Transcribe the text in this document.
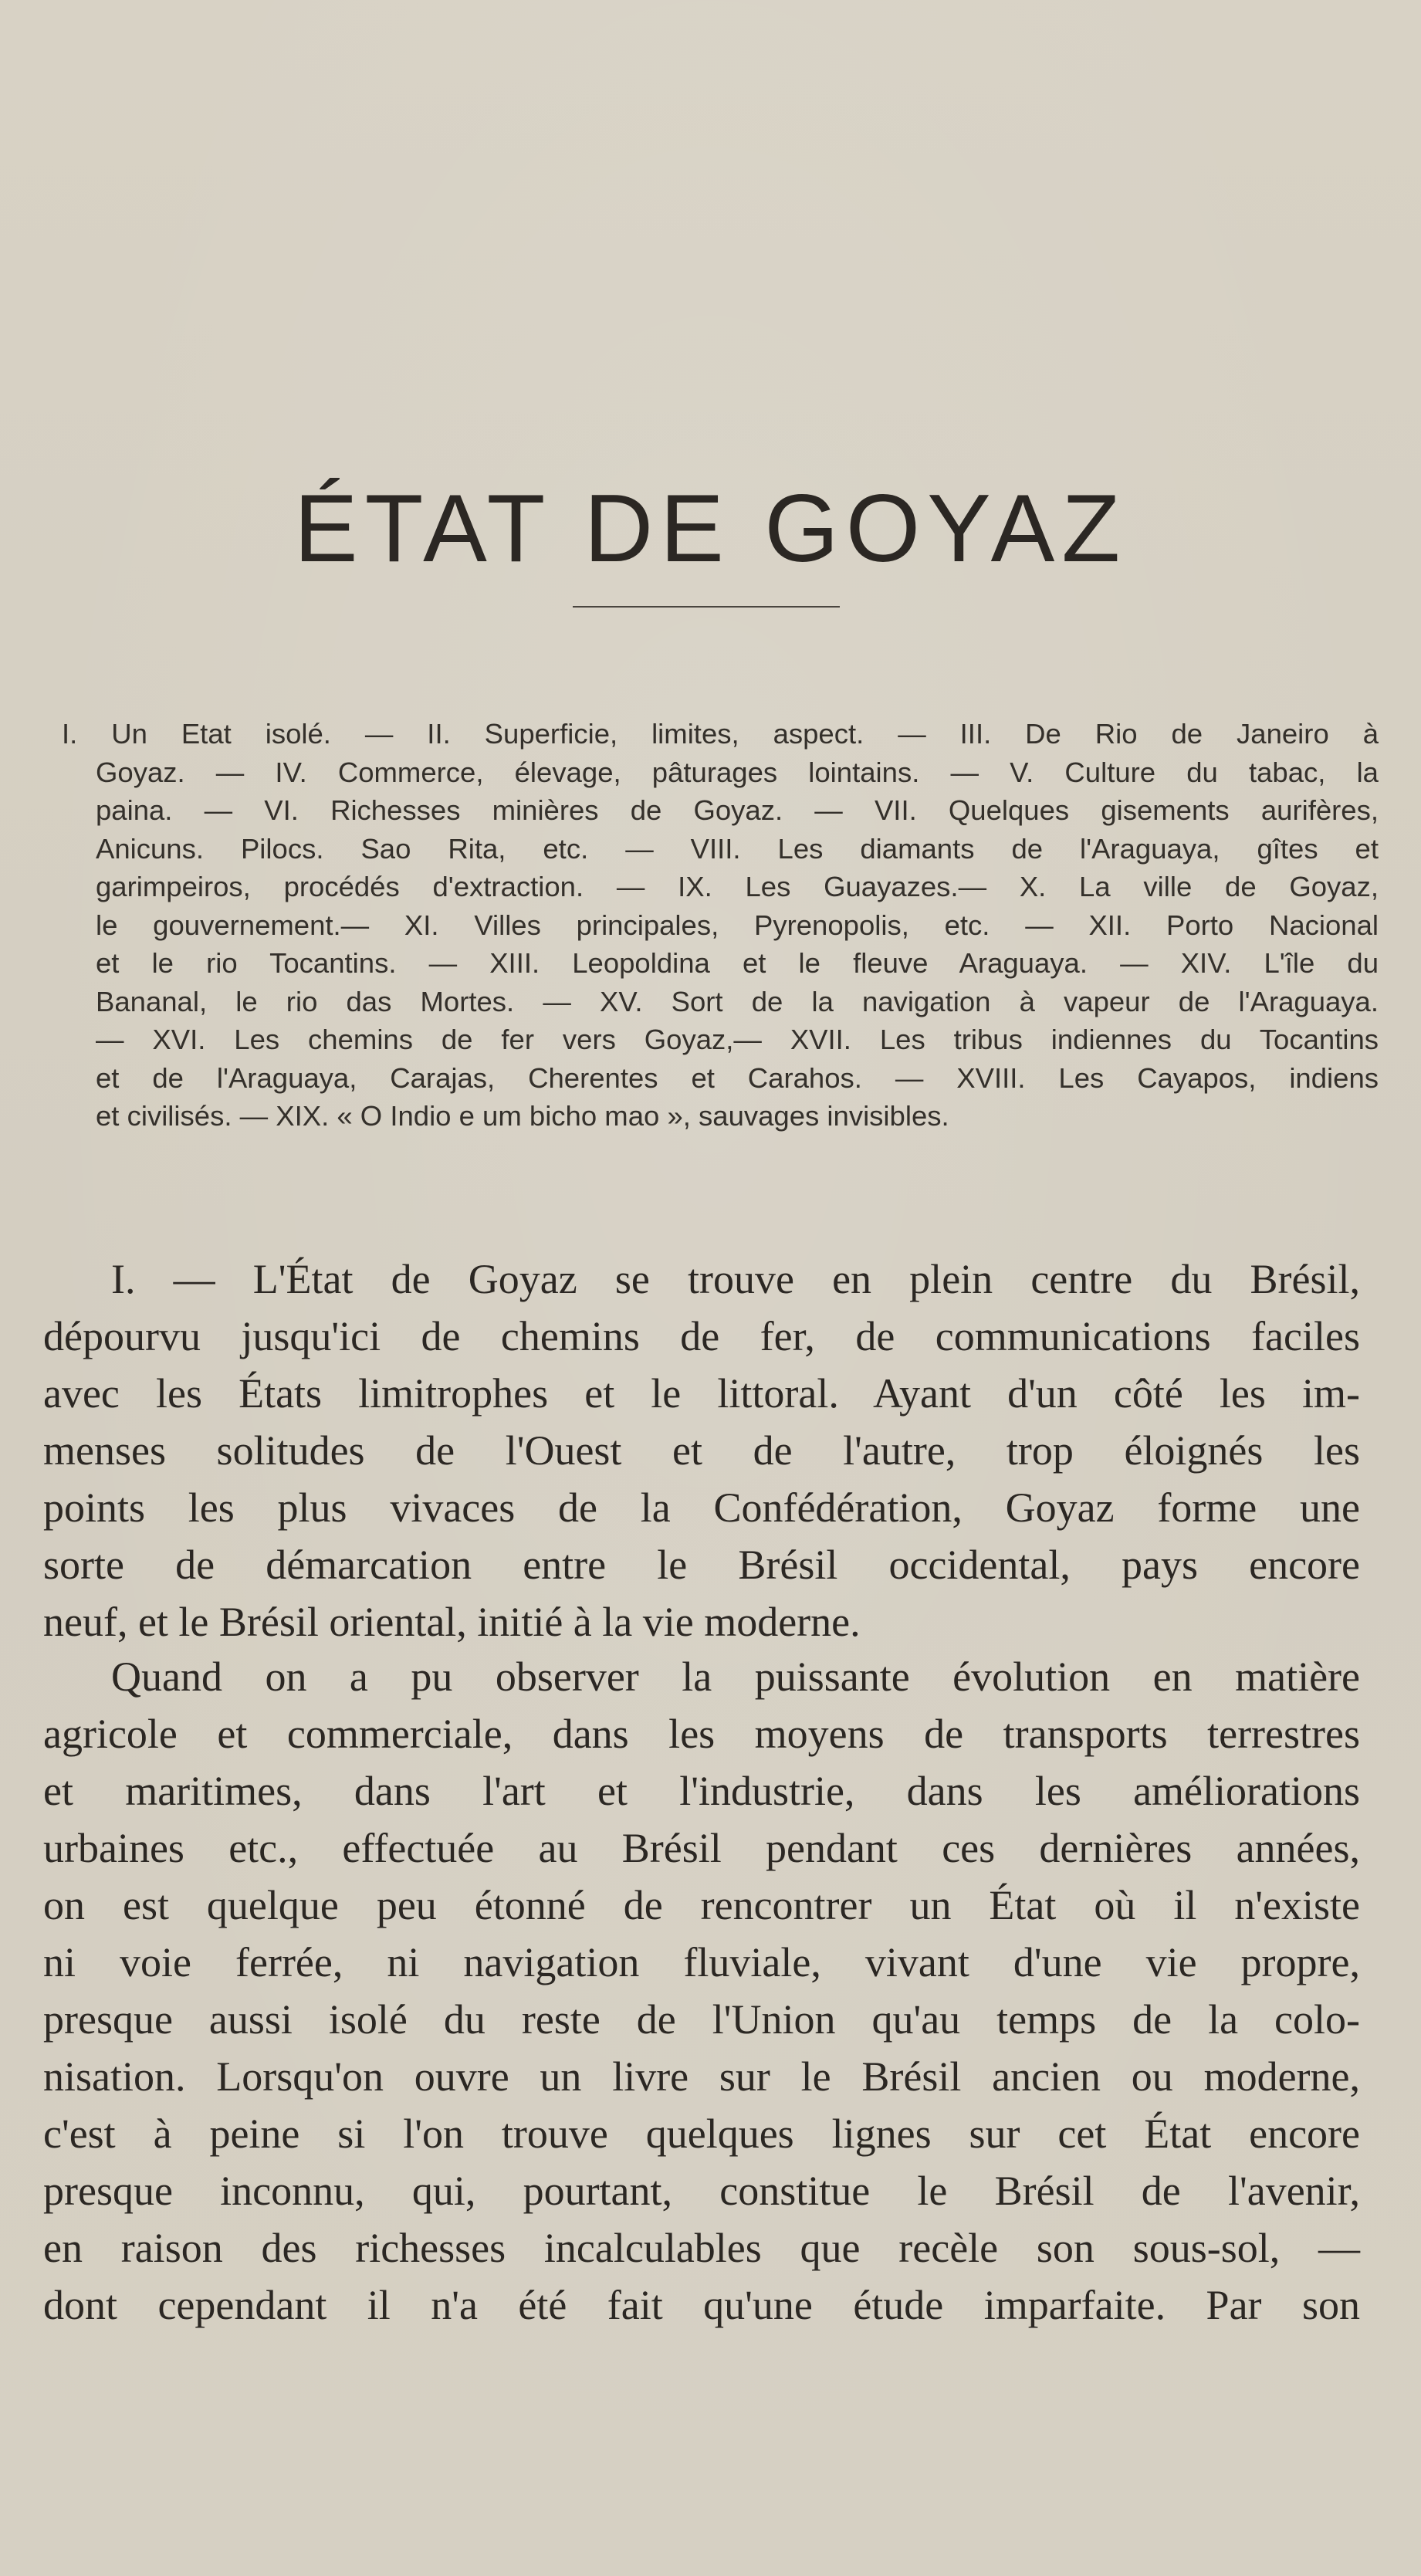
ÉTAT DE GOYAZ
I. Un Etat isolé. — II. Superficie, limites, aspect. — III. De Rio de Janeiro à
Goyaz. — IV. Commerce, élevage, pâturages lointains. — V. Culture du tabac, la
paina. — VI. Richesses minières de Goyaz. — VII. Quelques gisements aurifères,
Anicuns. Pilocs. Sao Rita, etc. — VIII. Les diamants de l'Araguaya, gîtes et
garimpeiros, procédés d'extraction. — IX. Les Guayazes.— X. La ville de Goyaz,
le gouvernement.— XI. Villes principales, Pyrenopolis, etc. — XII. Porto Nacional
et le rio Tocantins. — XIII. Leopoldina et le fleuve Araguaya. — XIV. L'île du
Bananal, le rio das Mortes. — XV. Sort de la navigation à vapeur de l'Araguaya.
— XVI. Les chemins de fer vers Goyaz,— XVII. Les tribus indiennes du Tocantins
et de l'Araguaya, Carajas, Cherentes et Carahos. — XVIII. Les Cayapos, indiens
et civilisés. — XIX. « O Indio e um bicho mao », sauvages invisibles.
I. — L'État de Goyaz se trouve en plein centre du Brésil,
dépourvu jusqu'ici de chemins de fer, de communications faciles
avec les États limitrophes et le littoral. Ayant d'un côté les im-
menses solitudes de l'Ouest et de l'autre, trop éloignés les
points les plus vivaces de la Confédération, Goyaz forme une
sorte de démarcation entre le Brésil occidental, pays encore
neuf, et le Brésil oriental, initié à la vie moderne.
Quand on a pu observer la puissante évolution en matière
agricole et commerciale, dans les moyens de transports terrestres
et maritimes, dans l'art et l'industrie, dans les améliorations
urbaines etc., effectuée au Brésil pendant ces dernières années,
on est quelque peu étonné de rencontrer un État où il n'existe
ni voie ferrée, ni navigation fluviale, vivant d'une vie propre,
presque aussi isolé du reste de l'Union qu'au temps de la colo-
nisation. Lorsqu'on ouvre un livre sur le Brésil ancien ou moderne,
c'est à peine si l'on trouve quelques lignes sur cet État encore
presque inconnu, qui, pourtant, constitue le Brésil de l'avenir,
en raison des richesses incalculables que recèle son sous-sol, —
dont cependant il n'a été fait qu'une étude imparfaite. Par son
